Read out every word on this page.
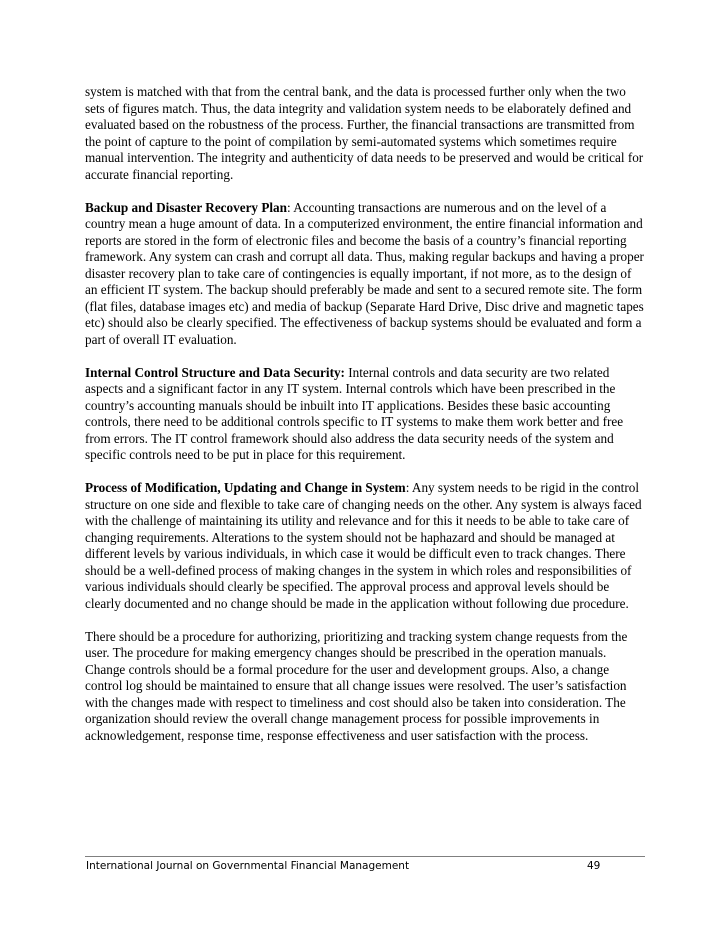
system is matched with that from the central bank, and the data is processed further only when the two sets of figures match. Thus, the data integrity and validation system needs to be elaborately defined and evaluated based on the robustness of the process. Further, the financial transactions are transmitted from the point of capture to the point of compilation by semi-automated systems which sometimes require manual intervention. The integrity and authenticity of data needs to be preserved and would be critical for accurate financial reporting.

Backup and Disaster Recovery Plan: Accounting transactions are numerous and on the level of a country mean a huge amount of data. In a computerized environment, the entire financial information and reports are stored in the form of electronic files and become the basis of a country’s financial reporting framework. Any system can crash and corrupt all data. Thus, making regular backups and having a proper disaster recovery plan to take care of contingencies is equally important, if not more, as to the design of an efficient IT system. The backup should preferably be made and sent to a secured remote site. The form (flat files, database images etc) and media of backup (Separate Hard Drive, Disc drive and magnetic tapes etc) should also be clearly specified. The effectiveness of backup systems should be evaluated and form a part of overall IT evaluation.

Internal Control Structure and Data Security: Internal controls and data security are two related aspects and a significant factor in any IT system. Internal controls which have been prescribed in the country’s accounting manuals should be inbuilt into IT applications. Besides these basic accounting controls, there need to be additional controls specific to IT systems to make them work better and free from errors. The IT control framework should also address the data security needs of the system and specific controls need to be put in place for this requirement.

Process of Modification, Updating and Change in System: Any system needs to be rigid in the control structure on one side and flexible to take care of changing needs on the other. Any system is always faced with the challenge of maintaining its utility and relevance and for this it needs to be able to take care of changing requirements. Alterations to the system should not be haphazard and should be managed at different levels by various individuals, in which case it would be difficult even to track changes. There should be a well-defined process of making changes in the system in which roles and responsibilities of various individuals should clearly be specified. The approval process and approval levels should be clearly documented and no change should be made in the application without following due procedure.

There should be a procedure for authorizing, prioritizing and tracking system change requests from the user. The procedure for making emergency changes should be prescribed in the operation manuals. Change controls should be a formal procedure for the user and development groups. Also, a change control log should be maintained to ensure that all change issues were resolved. The user’s satisfaction with the changes made with respect to timeliness and cost should also be taken into consideration. The organization should review the overall change management process for possible improvements in acknowledgement, response time, response effectiveness and user satisfaction with the process.

International Journal on Governmental Financial Management	49
